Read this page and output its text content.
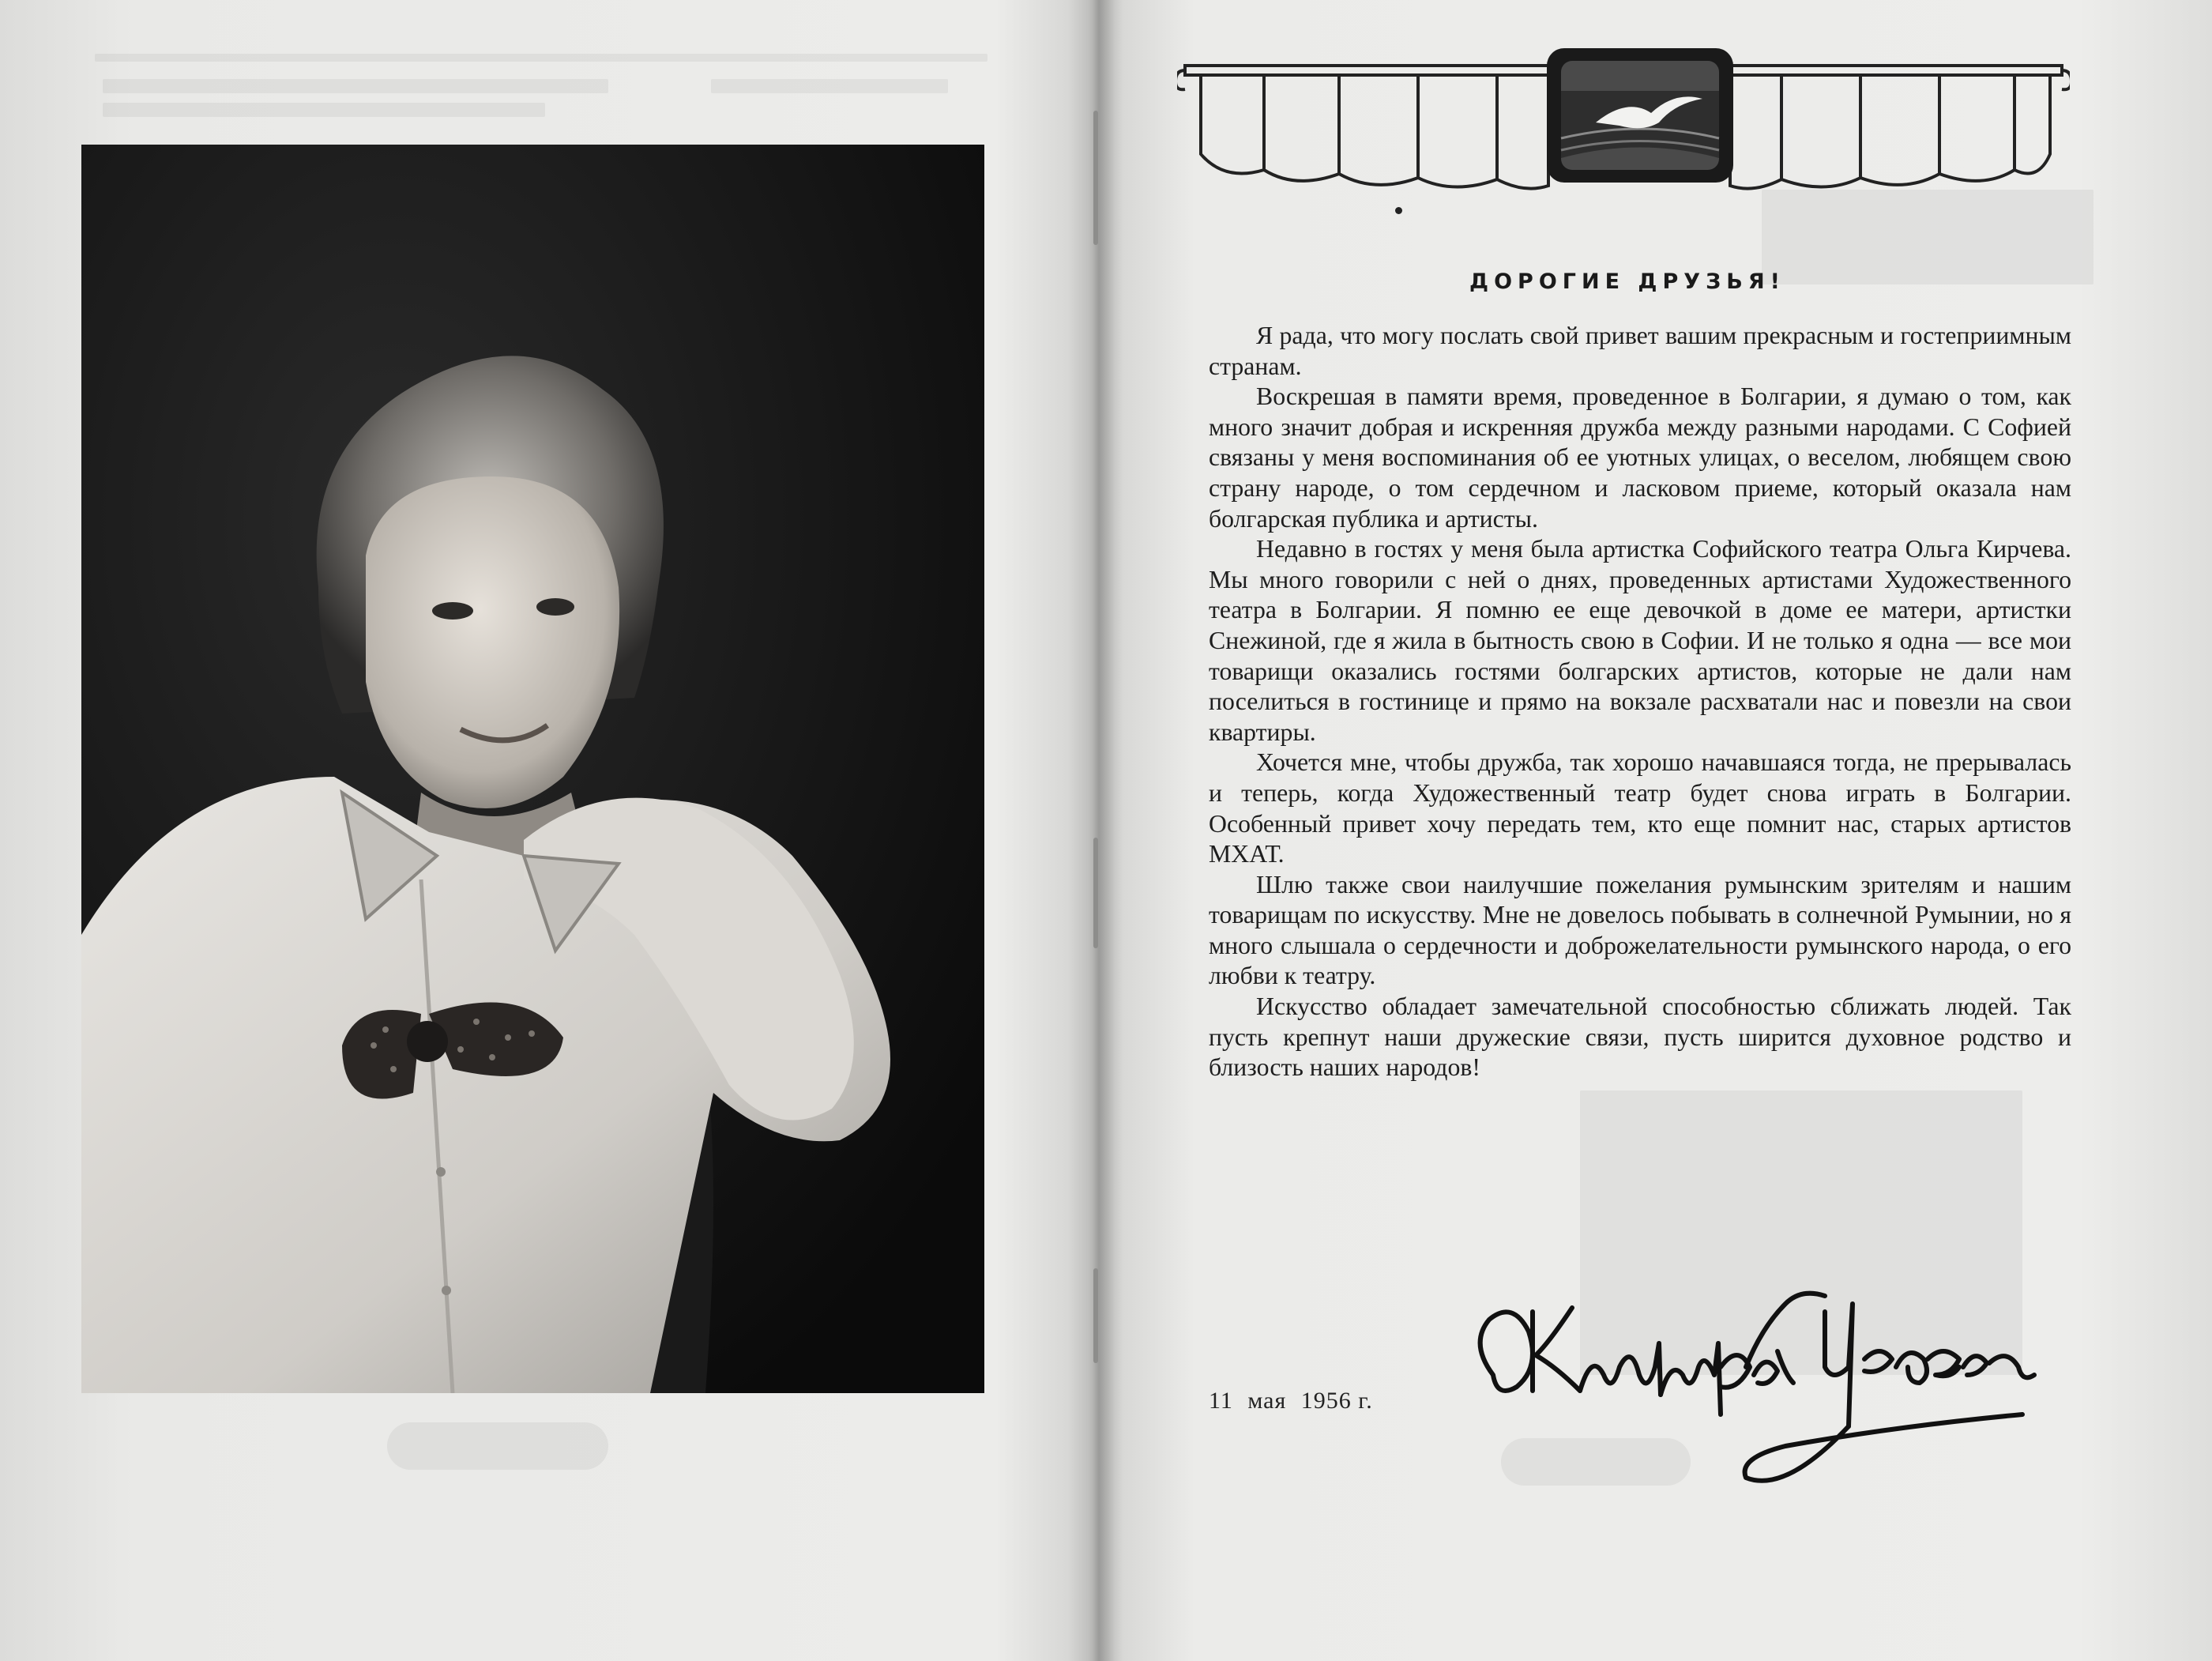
ДОРОГИЕ ДРУЗЬЯ!

Я рада, что могу послать свой привет вашим прекрасным и гостеприимным странам.

Воскрешая в памяти время, проведенное в Болгарии, я думаю о том, как много значит добрая и искренняя дружба между разными народами. С Софией связаны у меня воспоминания об ее уютных улицах, о веселом, любящем свою страну народе, о том сердечном и ласковом приеме, который оказала нам болгарская публика и артисты.

Недавно в гостях у меня была артистка Софийского театра Ольга Кирчева. Мы много говорили с ней о днях, проведенных артистами Художественного театра в Болгарии. Я помню ее еще девочкой в доме ее матери, артистки Снежиной, где я жила в бытность свою в Софии. И не только я одна — все мои товарищи оказались гостями болгарских артистов, которые не дали нам поселиться в гостинице и прямо на вокзале расхватали нас и повезли на свои квартиры.

Хочется мне, чтобы дружба, так хорошо начавшаяся тогда, не прерывалась и теперь, когда Художественный театр будет снова играть в Болгарии. Особенный привет хочу передать тем, кто еще помнит нас, старых артистов МХАТ.

Шлю также свои наилучшие пожелания румынским зрителям и нашим товарищам по искусству. Мне не довелось побывать в солнечной Румынии, но я много слышала о сердечности и доброжелательности румынского народа, о его любви к театру.

Искусство обладает замечательной способностью сближать людей. Так пусть крепнут наши дружеские связи, пусть ширится духовное родство и близость наших народов!

11 мая 1956 г.
